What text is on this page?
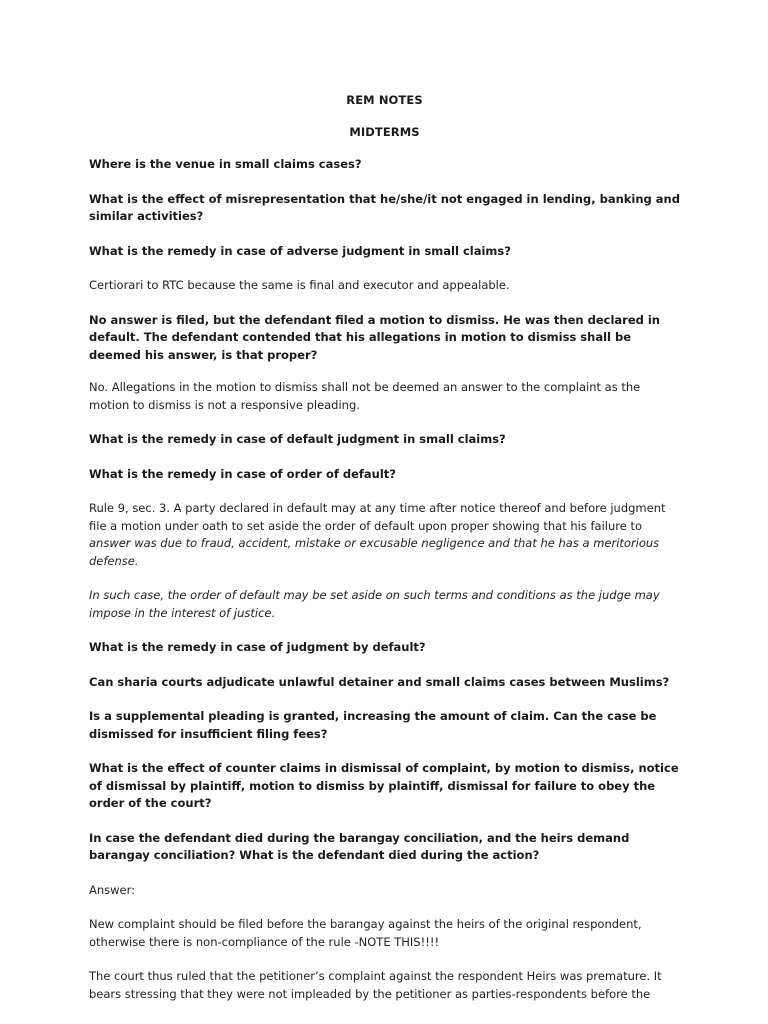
REM NOTES

MIDTERMS

Where is the venue in small claims cases?

What is the effect of misrepresentation that he/she/it not engaged in lending, banking and similar activities?

What is the remedy in case of adverse judgment in small claims?

Certiorari to RTC because the same is final and executor and appealable.

No answer is filed, but the defendant filed a motion to dismiss. He was then declared in default. The defendant contended that his allegations in motion to dismiss shall be deemed his answer, is that proper?

No. Allegations in the motion to dismiss shall not be deemed an answer to the complaint as the motion to dismiss is not a responsive pleading.

What is the remedy in case of default judgment in small claims?

What is the remedy in case of order of default?

Rule 9, sec. 3. A party declared in default may at any time after notice thereof and before judgment file a motion under oath to set aside the order of default upon proper showing that his failure to answer was due to fraud, accident, mistake or excusable negligence and that he has a meritorious defense.

In such case, the order of default may be set aside on such terms and conditions as the judge may impose in the interest of justice.

What is the remedy in case of judgment by default?

Can sharia courts adjudicate unlawful detainer and small claims cases between Muslims?

Is a supplemental pleading is granted, increasing the amount of claim. Can the case be dismissed for insufficient filing fees?

What is the effect of counter claims in dismissal of complaint, by motion to dismiss, notice of dismissal by plaintiff, motion to dismiss by plaintiff, dismissal for failure to obey the order of the court?

In case the defendant died during the barangay conciliation, and the heirs demand barangay conciliation? What is the defendant died during the action?

Answer:

New complaint should be filed before the barangay against the heirs of the original respondent, otherwise there is non-compliance of the rule -NOTE THIS!!!!

The court thus ruled that the petitioner’s complaint against the respondent Heirs was premature. It bears stressing that they were not impleaded by the petitioner as parties-respondents before the
